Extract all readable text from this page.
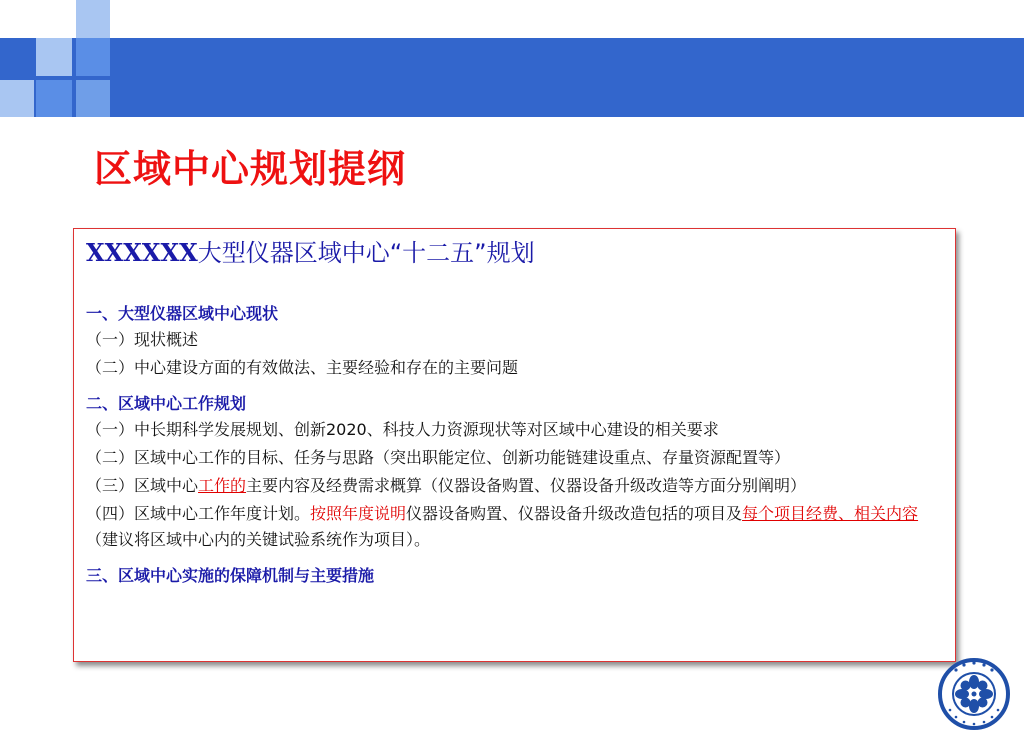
区域中心规划提纲
XXXXXX大型仪器区域中心“十二五”规划
一、大型仪器区域中心现状
（一）现状概述
（二）中心建设方面的有效做法、主要经验和存在的主要问题
二、区域中心工作规划
（一）中长期科学发展规划、创新2020、科技人力资源现状等对区域中心建设的相关要求
（二）区域中心工作的目标、任务与思路（突出职能定位、创新功能链建设重点、存量资源配置等）
（三）区域中心工作的主要内容及经费需求概算（仪器设备购置、仪器设备升级改造等方面分别阐明）
（四）区域中心工作年度计划。按照年度说明仪器设备购置、仪器设备升级改造包括的项目及每个项目经费、相关内容（建议将区域中心内的关键试验系统作为项目）。
三、区域中心实施的保障机制与主要措施
